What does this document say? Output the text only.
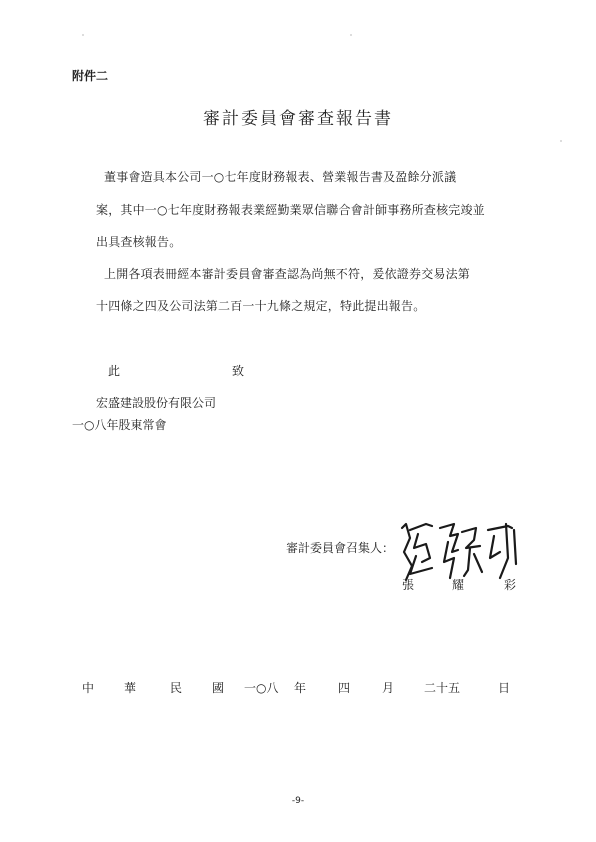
附件二
審計委員會審查報告書
董事會造具本公司一○七年度財務報表、營業報告書及盈餘分派議
案，其中一○七年度財務報表業經勤業眾信聯合會計師事務所查核完竣並
出具查核報告。
上開各項表冊經本審計委員會審查認為尚無不符，爰依證券交易法第
十四條之四及公司法第二百一十九條之規定，特此提出報告。
此	致
宏盛建設股份有限公司
一○八年股東常會
審計委員會召集人：
張	耀	彩
中 華	民 國 一○八 年	四	月 二十五	日
-9-
